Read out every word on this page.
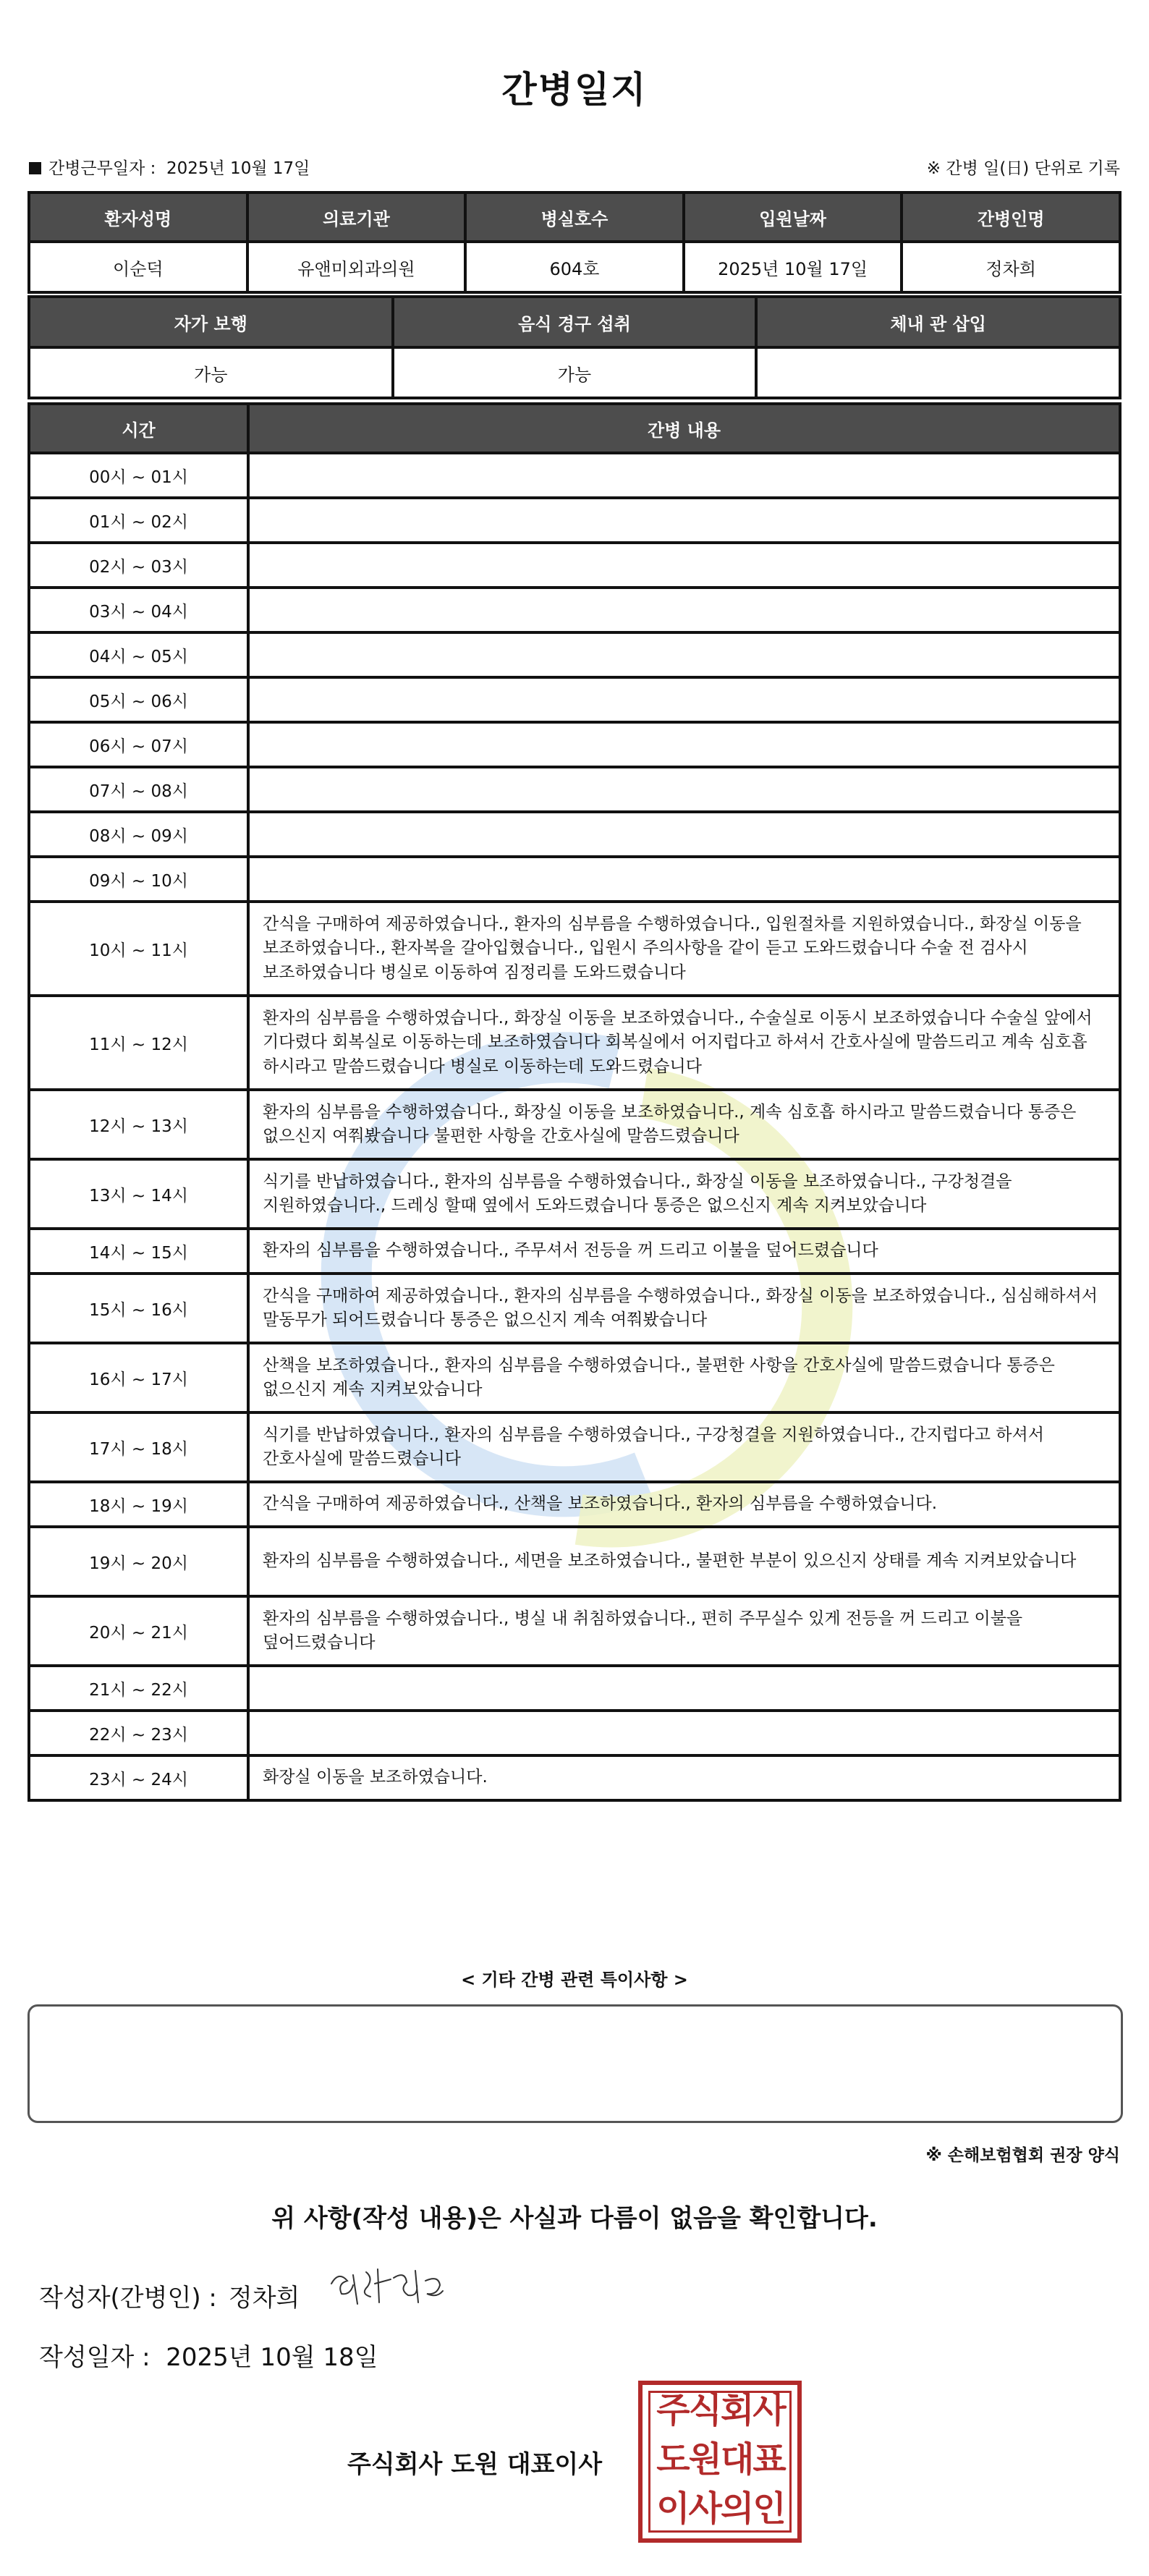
간병일지
간병근무일자 : 2025년 10월 17일	※ 간병 일(日) 단위로 기록
환자성명	의료기관	병실호수	입원날짜	간병인명
이순덕	유앤미외과의원	604호	2025년 10월 17일	정차희
자가 보행	음식 경구 섭취	체내 관 삽입
가능	가능	
시간	간병 내용
00시 ~ 01시	
01시 ~ 02시	
02시 ~ 03시	
03시 ~ 04시	
04시 ~ 05시	
05시 ~ 06시	
06시 ~ 07시	
07시 ~ 08시	
08시 ~ 09시	
09시 ~ 10시	
10시 ~ 11시	간식을 구매하여 제공하였습니다., 환자의 심부름을 수행하였습니다., 입원절차를 지원하였습니다., 화장실 이동을 보조하였습니다., 환자복을 갈아입혔습니다., 입원시 주의사항을 같이 듣고 도와드렸습니다 수술 전 검사시 보조하였습니다 병실로 이동하여 짐정리를 도와드렸습니다
11시 ~ 12시	환자의 심부름을 수행하였습니다., 화장실 이동을 보조하였습니다., 수술실로 이동시 보조하였습니다 수술실 앞에서 기다렸다 회복실로 이동하는데 보조하였습니다 회복실에서 어지럽다고 하셔서 간호사실에 말씀드리고 계속 심호흡 하시라고 말씀드렸습니다 병실로 이동하는데 도와드렸습니다
12시 ~ 13시	환자의 심부름을 수행하였습니다., 화장실 이동을 보조하였습니다., 계속 심호흡 하시라고 말씀드렸습니다 통증은 없으신지 여쭤봤습니다 불편한 사항을 간호사실에 말씀드렸습니다
13시 ~ 14시	식기를 반납하였습니다., 환자의 심부름을 수행하였습니다., 화장실 이동을 보조하였습니다., 구강청결을 지원하였습니다., 드레싱 할때 옆에서 도와드렸습니다 통증은 없으신지 계속 지켜보았습니다
14시 ~ 15시	환자의 심부름을 수행하였습니다., 주무셔서 전등을 꺼 드리고 이불을 덮어드렸습니다
15시 ~ 16시	간식을 구매하여 제공하였습니다., 환자의 심부름을 수행하였습니다., 화장실 이동을 보조하였습니다., 심심해하셔서 말동무가 되어드렸습니다 통증은 없으신지 계속 여쭤봤습니다
16시 ~ 17시	산책을 보조하였습니다., 환자의 심부름을 수행하였습니다., 불편한 사항을 간호사실에 말씀드렸습니다 통증은 없으신지 계속 지켜보았습니다
17시 ~ 18시	식기를 반납하였습니다., 환자의 심부름을 수행하였습니다., 구강청결을 지원하였습니다., 간지럽다고 하셔서 간호사실에 말씀드렸습니다
18시 ~ 19시	간식을 구매하여 제공하였습니다., 산책을 보조하였습니다., 환자의 심부름을 수행하였습니다.
19시 ~ 20시	환자의 심부름을 수행하였습니다., 세면을 보조하였습니다., 불편한 부분이 있으신지 상태를 계속 지켜보았습니다
20시 ~ 21시	환자의 심부름을 수행하였습니다., 병실 내 취침하였습니다., 편히 주무실수 있게 전등을 꺼 드리고 이불을 덮어드렸습니다
21시 ~ 22시	
22시 ~ 23시	
23시 ~ 24시	화장실 이동을 보조하였습니다.
< 기타 간병 관련 특이사항 >
※ 손해보험협회 권장 양식
위 사항(작성 내용)은 사실과 다름이 없음을 확인합니다.
작성자(간병인) : 정차희
작성일자 : 2025년 10월 18일
주식회사 도원 대표이사
주식회사
도원대표
이사의인
